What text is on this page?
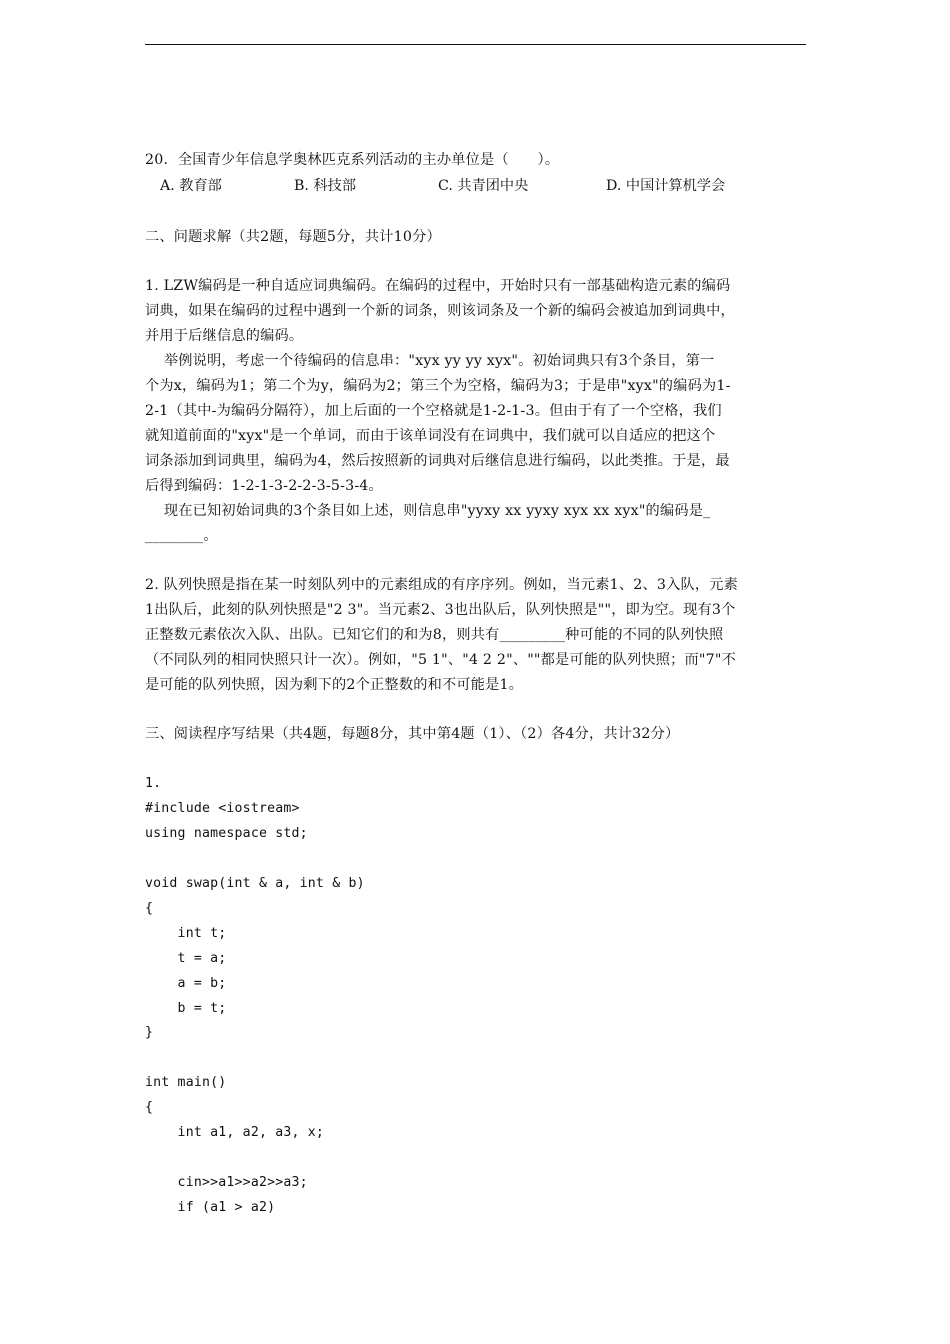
20．全国青少年信息学奥林匹克系列活动的主办单位是（　　）。
A. 教育部	B. 科技部	C. 共青团中央	D. 中国计算机学会
二、问题求解（共2题，每题5分，共计10分）
1. LZW编码是一种自适应词典编码。在编码的过程中，开始时只有一部基础构造元素的编码
词典，如果在编码的过程中遇到一个新的词条，则该词条及一个新的编码会被追加到词典中，
并用于后继信息的编码。
举例说明，考虑一个待编码的信息串："xyx yy yy xyx"。初始词典只有3个条目，第一
个为x，编码为1；第二个为y，编码为2；第三个为空格，编码为3；于是串"xyx"的编码为1-
2-1（其中-为编码分隔符），加上后面的一个空格就是1-2-1-3。但由于有了一个空格，我们
就知道前面的"xyx"是一个单词，而由于该单词没有在词典中，我们就可以自适应的把这个
词条添加到词典里，编码为4，然后按照新的词典对后继信息进行编码，以此类推。于是，最
后得到编码：1-2-1-3-2-2-3-5-3-4。
现在已知初始词典的3个条目如上述，则信息串"yyxy xx yyxy xyx xx xyx"的编码是_
________。
2. 队列快照是指在某一时刻队列中的元素组成的有序序列。例如，当元素1、2、3入队，元素
1出队后，此刻的队列快照是"2 3"。当元素2、3也出队后，队列快照是""，即为空。现有3个
正整数元素依次入队、出队。已知它们的和为8，则共有_________种可能的不同的队列快照
（不同队列的相同快照只计一次）。例如，"5 1"、"4 2 2"、""都是可能的队列快照；而"7"不
是可能的队列快照，因为剩下的2个正整数的和不可能是1。
三、阅读程序写结果（共4题，每题8分，其中第4题（1）、（2）各4分，共计32分）
1.
#include <iostream>
using namespace std;
void swap(int & a, int & b)
{
int t;
t = a;
a = b;
b = t;
}
int main()
{
int a1, a2, a3, x;
cin>>a1>>a2>>a3;
if (a1 > a2)
